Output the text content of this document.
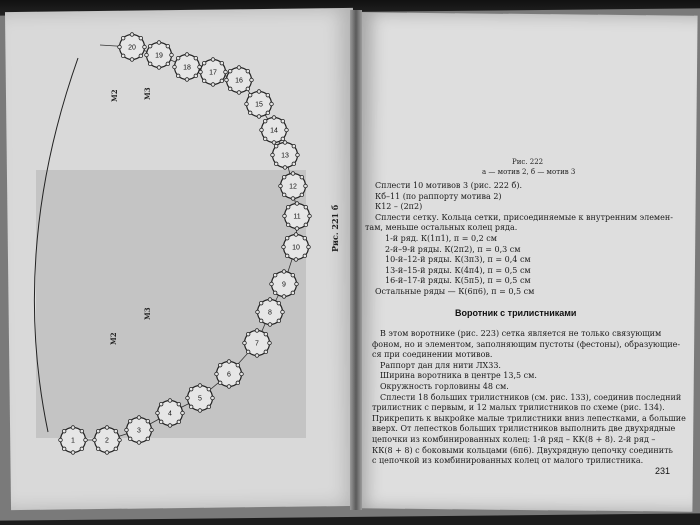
1	2
3
4
5
6
7
8
9
10
11
12
13
14
15
16
17
18
19
20
М2	М3
М3
М2
Рис. 221 б
Рис. 222
а — мотив 2, б — мотив 3
Сплести 10 мотивов 3 (рис. 222 б).
Кб–11 (по раппорту мотива 2)
К12 – (2п2)
Сплести сетку. Кольца сетки, присоединяемые к внутренним элемен-
там, меньше остальных колец ряда.
1-й ряд. К(1п1), п = 0,2 см
2-й–9-й ряды. К(2п2), п = 0,3 см
10-й–12-й ряды. К(3п3), п = 0,4 см
13-й–15-й ряды. К(4п4), п = 0,5 см
16-й–17-й ряды. К(5п5), п = 0,5 см
Остальные ряды — К(6п6), п = 0,5 см
Воротник с трилистниками
В этом воротнике (рис. 223) сетка является не только связующим
фоном, но и элементом, заполняющим пустоты (фестоны), образующие-
ся при соединении мотивов.
Раппорт дан для нити ЛХ33.
Ширина воротника в центре 13,5 см.
Окружность горловины 48 см.
Сплести 18 больших трилистников (см. рис. 133), соединив последний
трилистник с первым, и 12 малых трилистников по схеме (рис. 134).
Прикрепить к выкройке малые трилистники вниз лепестками, а большие
вверх. От лепестков больших трилистников выполнить две двухрядные
цепочки из комбинированных колец: 1-й ряд – КК(8 + 8). 2-й ряд –
КК(8 + 8) с боковыми кольцами (6п6). Двухрядную цепочку соединить
с цепочкой из комбинированных колец от малого трилистника.
231
